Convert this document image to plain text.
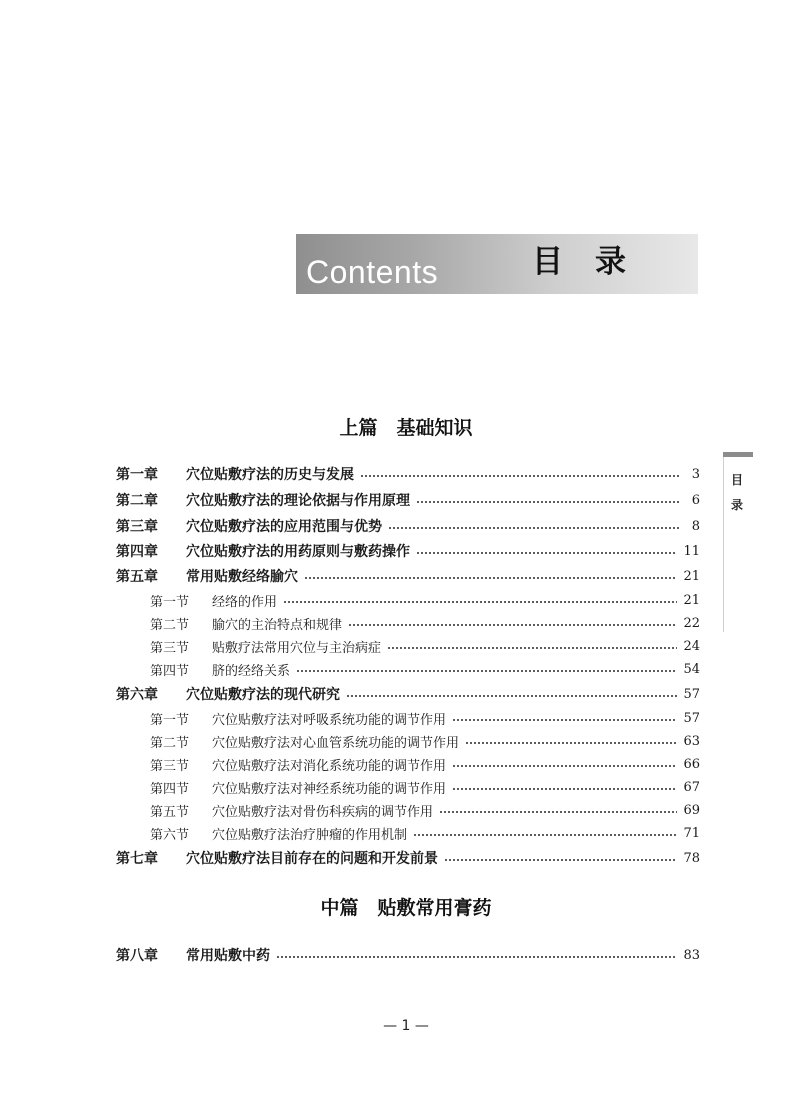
Contents	目录
目录
上篇　基础知识
第一章	穴位贴敷疗法的历史与发展	3
第二章	穴位贴敷疗法的理论依据与作用原理	6
第三章	穴位贴敷疗法的应用范围与优势	8
第四章	穴位贴敷疗法的用药原则与敷药操作	11
第五章	常用贴敷经络腧穴	21
第一节	经络的作用	21
第二节	腧穴的主治特点和规律	22
第三节	贴敷疗法常用穴位与主治病症	24
第四节	脐的经络关系	54
第六章	穴位贴敷疗法的现代研究	57
第一节	穴位贴敷疗法对呼吸系统功能的调节作用	57
第二节	穴位贴敷疗法对心血管系统功能的调节作用	63
第三节	穴位贴敷疗法对消化系统功能的调节作用	66
第四节	穴位贴敷疗法对神经系统功能的调节作用	67
第五节	穴位贴敷疗法对骨伤科疾病的调节作用	69
第六节	穴位贴敷疗法治疗肿瘤的作用机制	71
第七章	穴位贴敷疗法目前存在的问题和开发前景	78
中篇　贴敷常用膏药
第八章	常用贴敷中药	83
— 1 —
